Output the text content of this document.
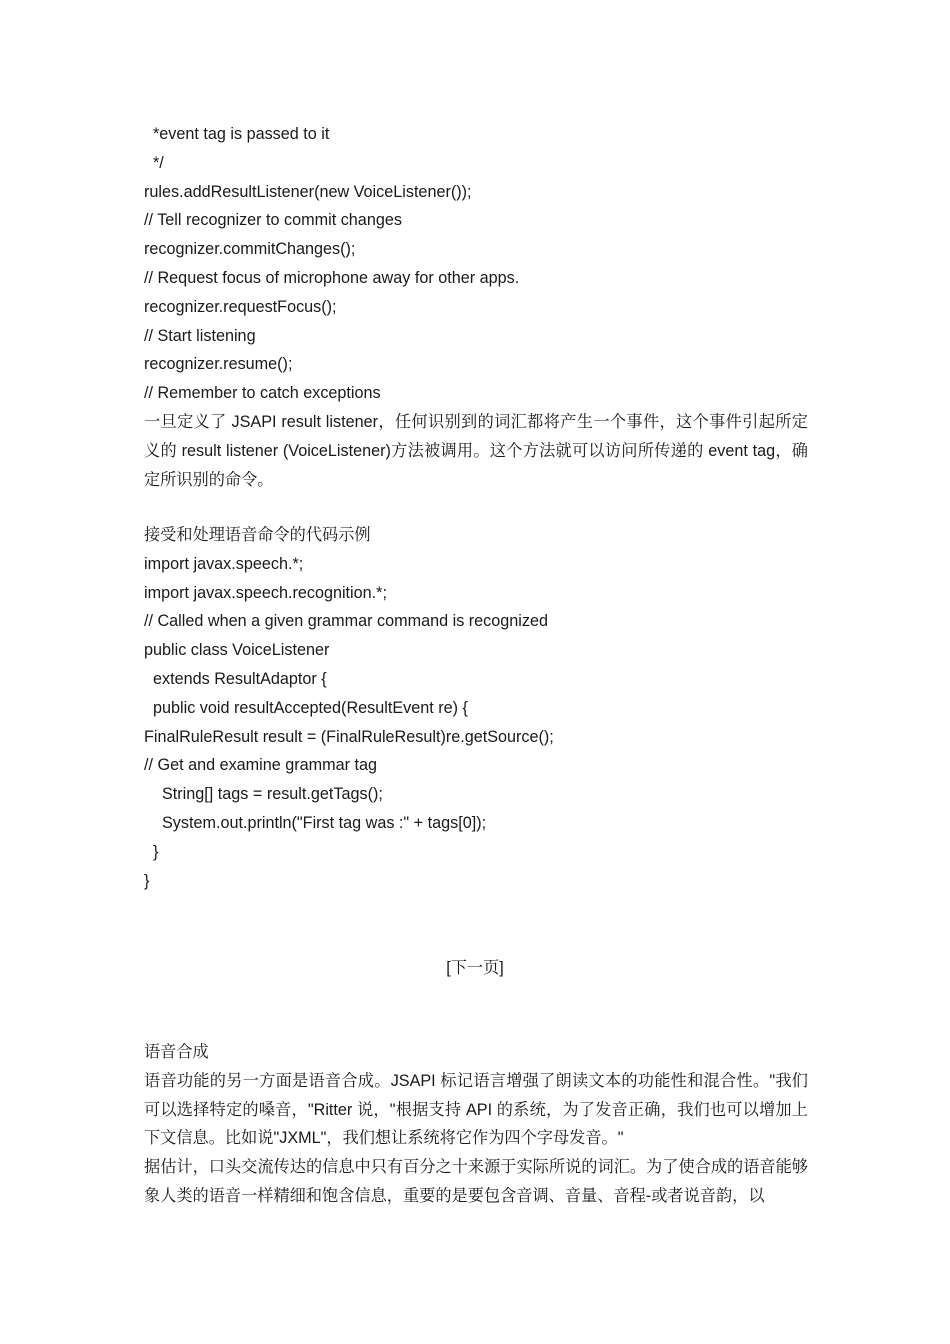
*event tag is passed to it
*/
rules.addResultListener(new VoiceListener());
// Tell recognizer to commit changes
recognizer.commitChanges();
// Request focus of microphone away for other apps.
recognizer.requestFocus();
// Start listening
recognizer.resume();
// Remember to catch exceptions

一旦定义了 JSAPI result listener，任何识别到的词汇都将产生一个事件，这个事件引起所定义的 result listener (VoiceListener)方法被调用。这个方法就可以访问所传递的 event tag，确定所识别的命令。

接受和处理语音命令的代码示例

import javax.speech.*;
import javax.speech.recognition.*;
// Called when a given grammar command is recognized
public class VoiceListener
extends ResultAdaptor {
public void resultAccepted(ResultEvent re) {
FinalRuleResult result = (FinalRuleResult)re.getSource();
// Get and examine grammar tag
String[] tags = result.getTags();
System.out.println("First tag was :" + tags[0]);
}
}
[下一页]

语音合成

语音功能的另一方面是语音合成。JSAPI 标记语言增强了朗读文本的功能性和混合性。"我们可以选择特定的嗓音，"Ritter 说，"根据支持 API 的系统，为了发音正确，我们也可以增加上下文信息。比如说"JXML"，我们想让系统将它作为四个字母发音。"

据估计，口头交流传达的信息中只有百分之十来源于实际所说的词汇。为了使合成的语音能够象人类的语音一样精细和饱含信息，重要的是要包含音调、音量、音程-或者说音韵，以
